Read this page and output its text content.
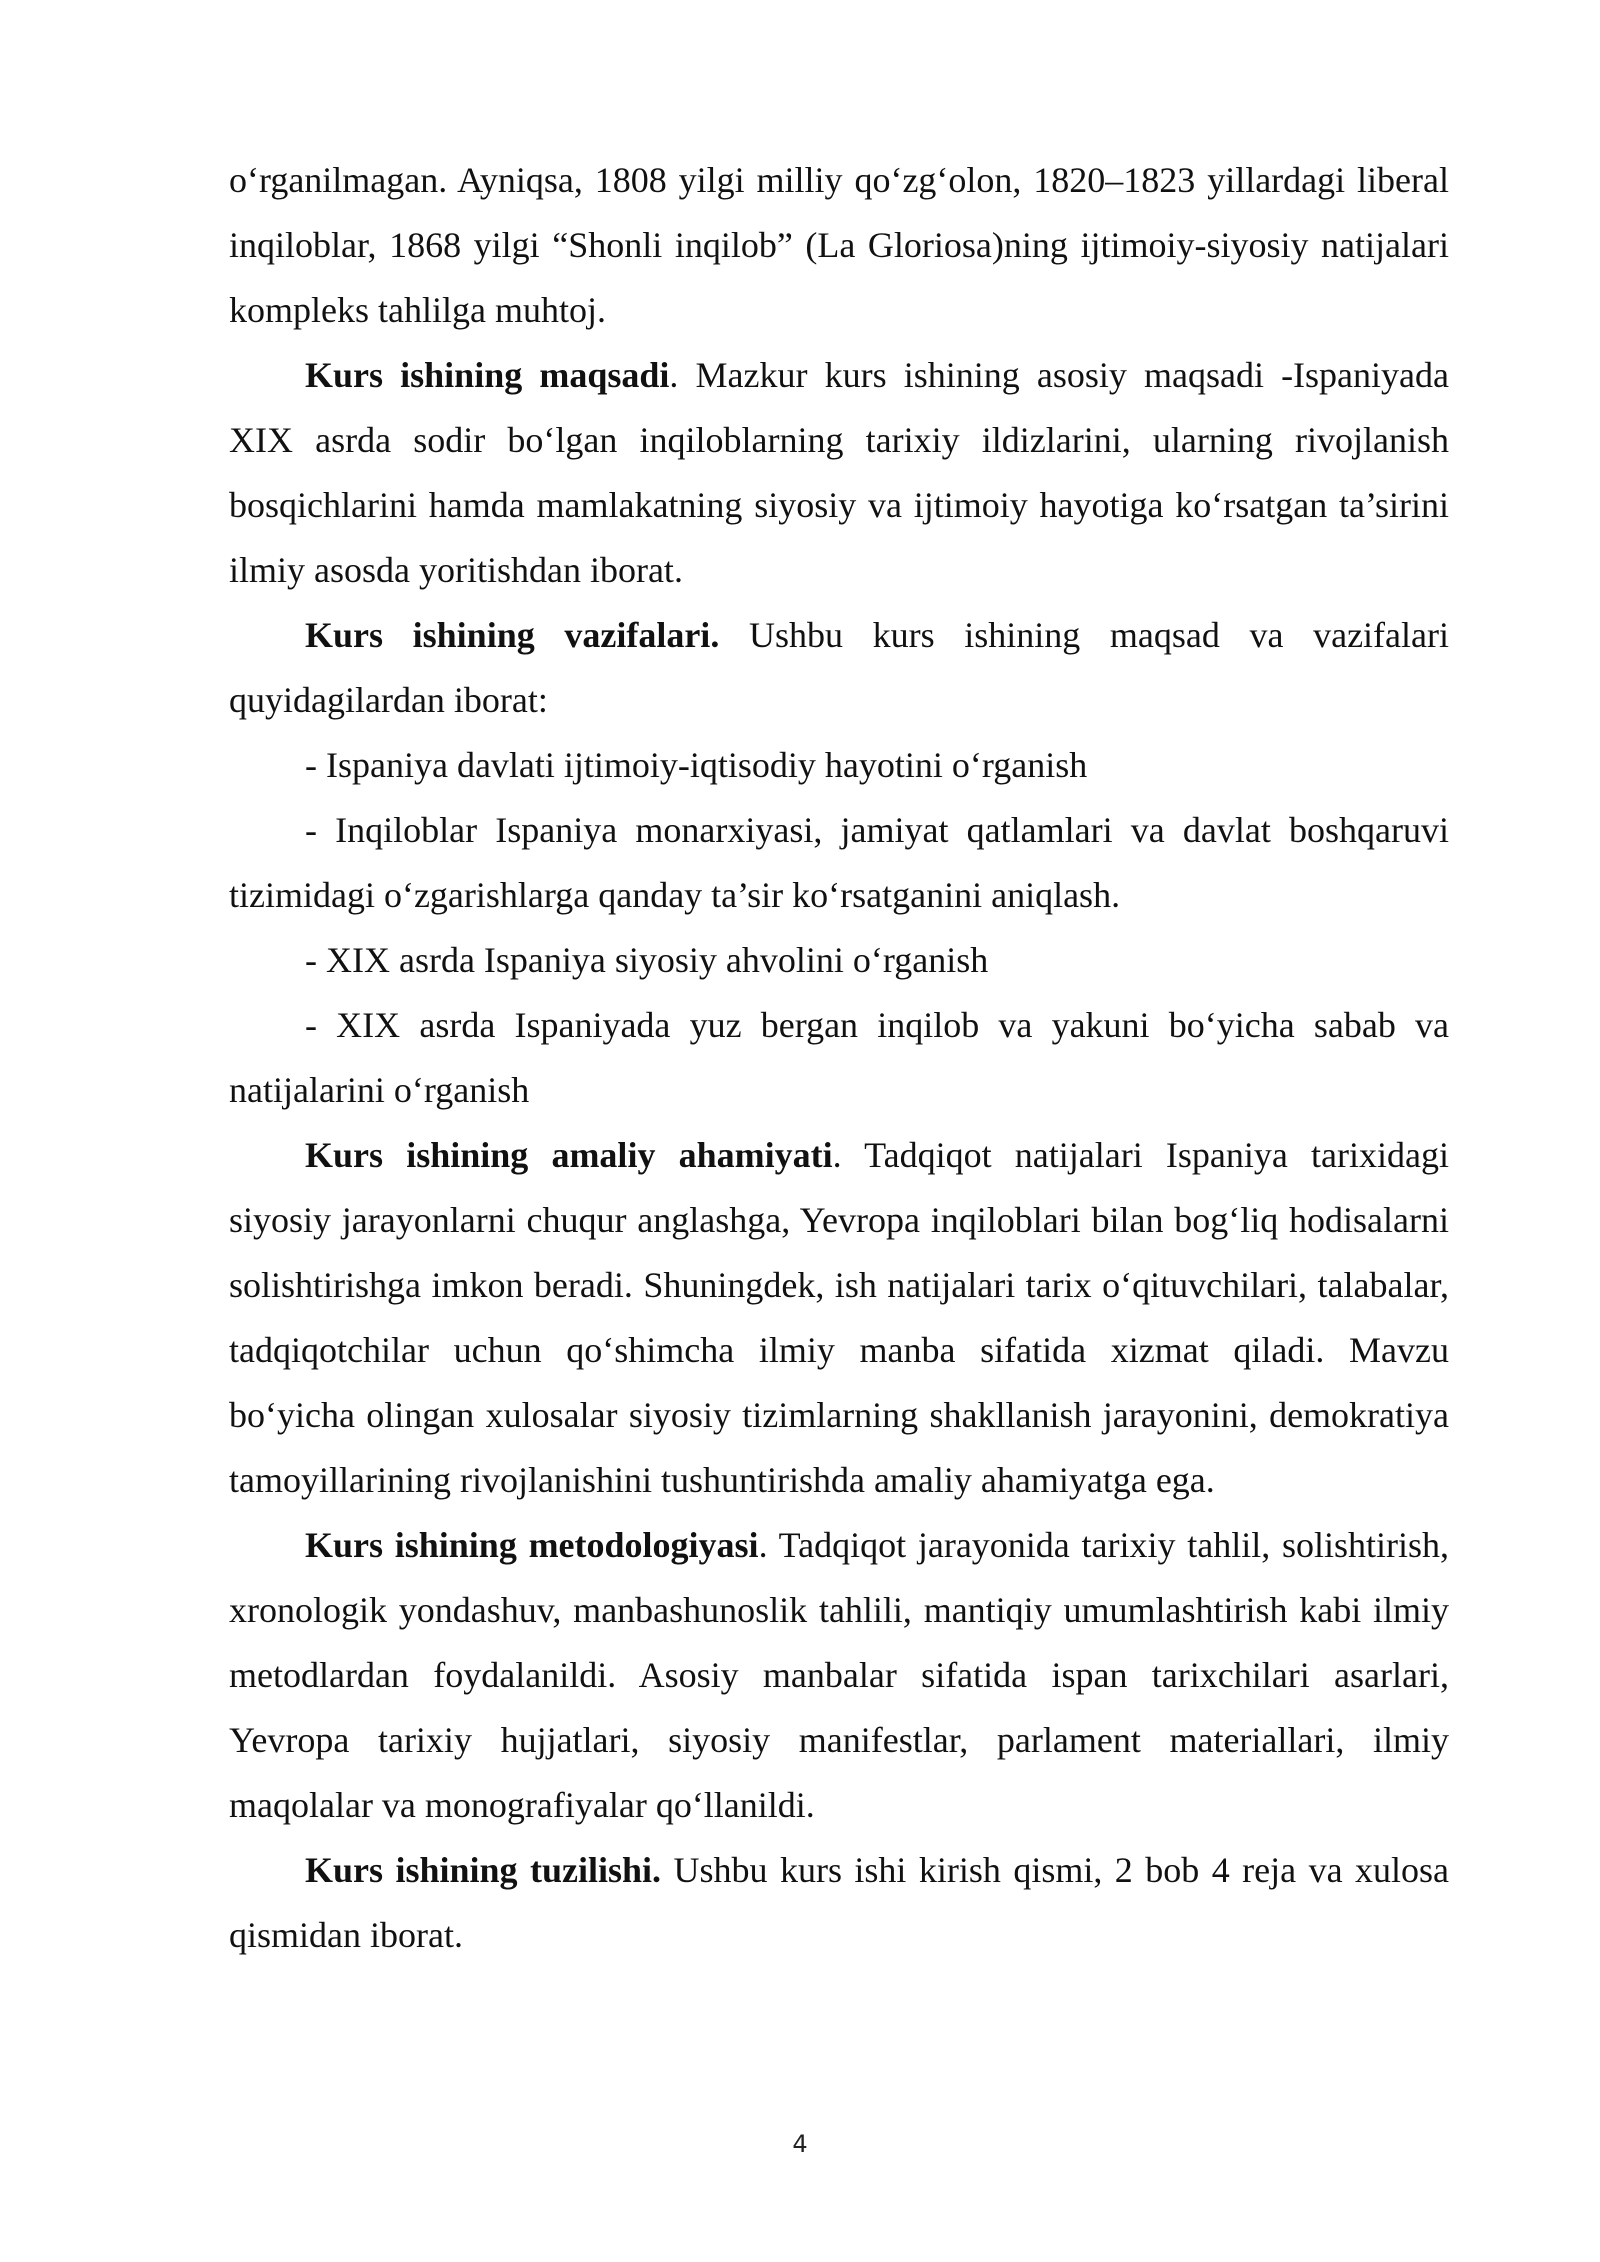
o‘rganilmagan. Ayniqsa, 1808 yilgi milliy qo‘zg‘olon, 1820–1823 yillardagi liberal inqiloblar, 1868 yilgi “Shonli inqilob” (La Gloriosa)ning ijtimoiy-siyosiy natijalari kompleks tahlilga muhtoj.

Kurs ishining maqsadi. Mazkur kurs ishining asosiy maqsadi -Ispaniyada XIX asrda sodir bo‘lgan inqiloblarning tarixiy ildizlarini, ularning rivojlanish bosqichlarini hamda mamlakatning siyosiy va ijtimoiy hayotiga ko‘rsatgan ta’sirini ilmiy asosda yoritishdan iborat.

Kurs ishining vazifalari. Ushbu kurs ishining maqsad va vazifalari quyidagilardan iborat:

- Ispaniya davlati ijtimoiy-iqtisodiy hayotini o‘rganish

- Inqiloblar Ispaniya monarxiyasi, jamiyat qatlamlari va davlat boshqaruvi tizimidagi o‘zgarishlarga qanday ta’sir ko‘rsatganini aniqlash.

- XIX asrda Ispaniya siyosiy ahvolini o‘rganish

- XIX asrda Ispaniyada yuz bergan inqilob va yakuni bo‘yicha sabab va natijalarini o‘rganish

Kurs ishining amaliy ahamiyati. Tadqiqot natijalari Ispaniya tarixidagi siyosiy jarayonlarni chuqur anglashga, Yevropa inqiloblari bilan bog‘liq hodisalarni solishtirishga imkon beradi. Shuningdek, ish natijalari tarix o‘qituvchilari, talabalar, tadqiqotchilar uchun qo‘shimcha ilmiy manba sifatida xizmat qiladi. Mavzu bo‘yicha olingan xulosalar siyosiy tizimlarning shakllanish jarayonini, demokratiya tamoyillarining rivojlanishini tushuntirishda amaliy ahamiyatga ega.

Kurs ishining metodologiyasi. Tadqiqot jarayonida tarixiy tahlil, solishtirish, xronologik yondashuv, manbashunoslik tahlili, mantiqiy umumlashtirish kabi ilmiy metodlardan foydalanildi. Asosiy manbalar sifatida ispan tarixchilari asarlari, Yevropa tarixiy hujjatlari, siyosiy manifestlar, parlament materiallari, ilmiy maqolalar va monografiyalar qo‘llanildi.

Kurs ishining tuzilishi. Ushbu kurs ishi kirish qismi, 2 bob 4 reja va xulosa qismidan iborat.

4
